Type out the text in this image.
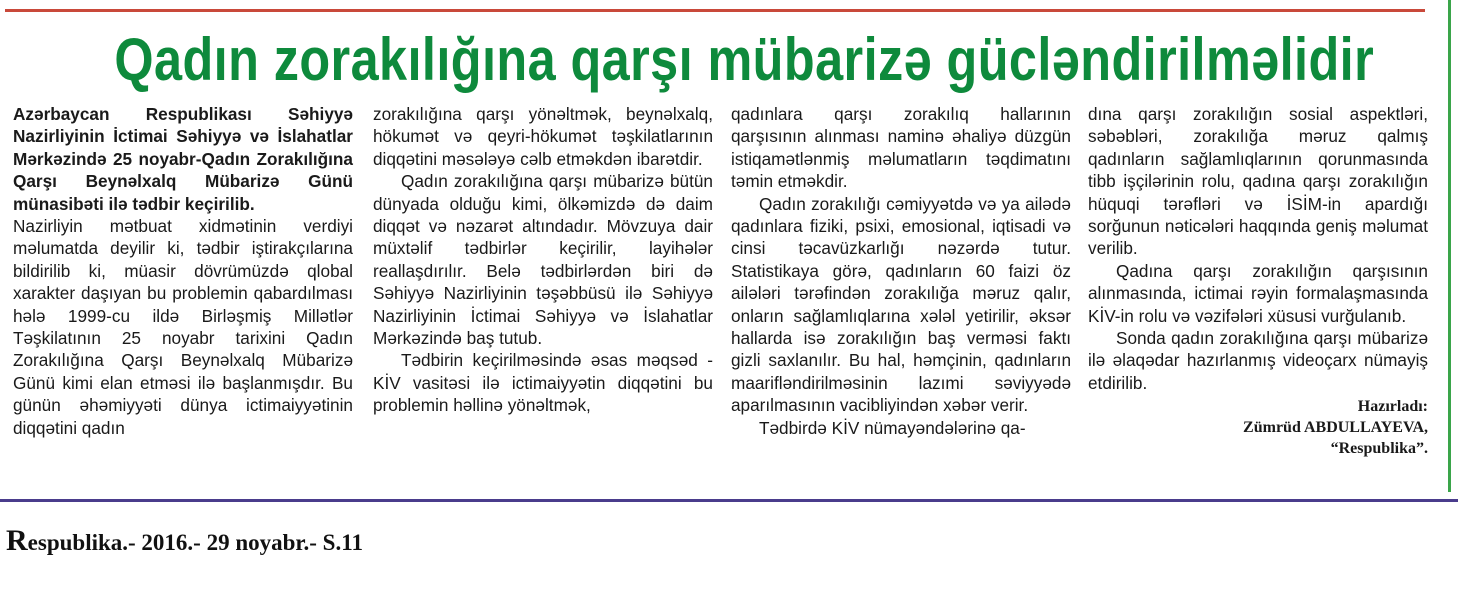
Qadın zorakılığına qarşı mübarizə gücləndirilməlidir

Azərbaycan Respublikası Səhiyyə Nazirliyinin İctimai Səhiyyə və İslahatlar Mərkəzində 25 noyabr-Qadın Zorakılığına Qarşı Beynəlxalq Mübarizə Günü münasibəti ilə tədbir keçirilib.

Nazirliyin mətbuat xidmətinin verdiyi məlumatda deyilir ki, tədbir iştirakçılarına bildirilib ki, müasir dövrümüzdə qlobal xarakter daşıyan bu problemin qabardılması hələ 1999-cu ildə Birləşmiş Millətlər Təşkilatının 25 noyabr tarixini Qadın Zorakılığına Qarşı Beynəlxalq Mübarizə Günü kimi elan etməsi ilə başlanmışdır. Bu günün əhəmiyyəti dünya ictimaiyyətinin diqqətini qadın

zorakılığına qarşı yönəltmək, beynəlxalq, hökumət və qeyri-hökumət təşkilatlarının diqqətini məsələyə cəlb etməkdən ibarətdir.

Qadın zorakılığına qarşı mübarizə bütün dünyada olduğu kimi, ölkəmizdə də daim diqqət və nəzarət altındadır. Mövzuya dair müxtəlif tədbirlər keçirilir, layihələr reallaşdırılır. Belə tədbirlərdən biri də Səhiyyə Nazirliyinin təşəbbüsü ilə Səhiyyə Nazirliyinin İctimai Səhiyyə və İslahatlar Mərkəzində baş tutub.

Tədbirin keçirilməsində əsas məqsəd - KİV vasitəsi ilə ictimaiyyətin diqqətini bu problemin həllinə yönəltmək,

qadınlara qarşı zorakılıq hallarının qarşısının alınması naminə əhaliyə düzgün istiqamətlənmiş məlumatların təqdimatını təmin etməkdir.

Qadın zorakılığı cəmiyyətdə və ya ailədə qadınlara fiziki, psixi, emosional, iqtisadi və cinsi təcavüzkarlığı nəzərdə tutur. Statistikaya görə, qadınların 60 faizi öz ailələri tərəfindən zorakılığa məruz qalır, onların sağlamlıqlarına xələl yetirilir, əksər hallarda isə zorakılığın baş verməsi faktı gizli saxlanılır. Bu hal, həmçinin, qadınların maarifləndirilməsinin lazımi səviyyədə aparılmasının vacibliyindən xəbər verir.

Tədbirdə KİV nümayəndələrinə qa-

dına qarşı zorakılığın sosial aspektləri, səbəbləri, zorakılığa məruz qalmış qadınların sağlamlıqlarının qorunmasında tibb işçilərinin rolu, qadına qarşı zorakılığın hüquqi tərəfləri və İSİM-in apardığı sorğunun nəticələri haqqında geniş məlumat verilib.

Qadına qarşı zorakılığın qarşısının alınmasında, ictimai rəyin formalaşmasında KİV-in rolu və vəzifələri xüsusi vurğulanıb.

Sonda qadın zorakılığına qarşı mübarizə ilə əlaqədar hazırlanmış videoçarx nümayiş etdirilib.

Hazırladı:
Zümrüd ABDULLAYEVA,
“Respublika”.
Respublika.- 2016.- 29 noyabr.- S.11
